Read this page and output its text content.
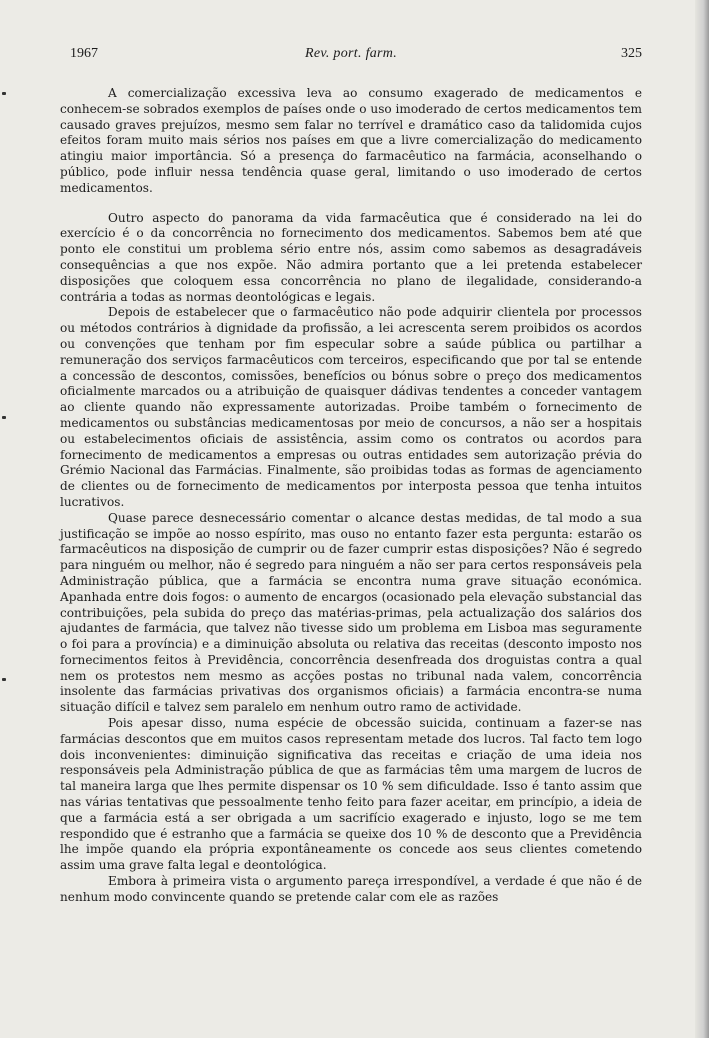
1967	Rev. port. farm.	325

A comercialização excessiva leva ao consumo exagerado de medicamentos e conhecem-se sobrados exemplos de países onde o uso imoderado de certos medicamentos tem causado graves prejuízos, mesmo sem falar no terrível e dramático caso da talidomida cujos efeitos foram muito mais sérios nos países em que a livre comercialização do medicamento atingiu maior importância. Só a presença do farmacêutico na farmácia, aconselhando o público, pode influir nessa tendência quase geral, limitando o uso imoderado de certos medicamentos.

Outro aspecto do panorama da vida farmacêutica que é considerado na lei do exercício é o da concorrência no fornecimento dos medicamentos. Sabemos bem até que ponto ele constitui um problema sério entre nós, assim como sabemos as desagradáveis consequências a que nos expõe. Não admira portanto que a lei pretenda estabelecer disposições que coloquem essa concorrência no plano de ilegalidade, considerando-a contrária a todas as normas deontológicas e legais.

Depois de estabelecer que o farmacêutico não pode adquirir clientela por processos ou métodos contrários à dignidade da profissão, a lei acrescenta serem proibidos os acordos ou convenções que tenham por fim especular sobre a saúde pública ou partilhar a remuneração dos serviços farmacêuticos com terceiros, especificando que por tal se entende a concessão de descontos, comissões, benefícios ou bónus sobre o preço dos medicamentos oficialmente marcados ou a atribuição de quaisquer dádivas tendentes a conceder vantagem ao cliente quando não expressamente autorizadas. Proibe também o fornecimento de medicamentos ou substâncias medicamentosas por meio de concursos, a não ser a hospitais ou estabelecimentos oficiais de assistência, assim como os contratos ou acordos para fornecimento de medicamentos a empresas ou outras entidades sem autorização prévia do Grémio Nacional das Farmácias. Finalmente, são proibidas todas as formas de agenciamento de clientes ou de fornecimento de medicamentos por interposta pessoa que tenha intuitos lucrativos.

Quase parece desnecessário comentar o alcance destas medidas, de tal modo a sua justificação se impõe ao nosso espírito, mas ouso no entanto fazer esta pergunta: estarão os farmacêuticos na disposição de cumprir ou de fazer cumprir estas disposições? Não é segredo para ninguém ou melhor, não é segredo para ninguém a não ser para certos responsáveis pela Administração pública, que a farmácia se encontra numa grave situação económica. Apanhada entre dois fogos: o aumento de encargos (ocasionado pela elevação substancial das contribuições, pela subida do preço das matérias-primas, pela actualização dos salários dos ajudantes de farmácia, que talvez não tivesse sido um problema em Lisboa mas seguramente o foi para a província) e a diminuição absoluta ou relativa das receitas (desconto imposto nos fornecimentos feitos à Previdência, concorrência desenfreada dos droguistas contra a qual nem os protestos nem mesmo as acções postas no tribunal nada valem, concorrência insolente das farmácias privativas dos organismos oficiais) a farmácia encontra-se numa situação difícil e talvez sem paralelo em nenhum outro ramo de actividade.

Pois apesar disso, numa espécie de obcessão suicida, continuam a fazer-se nas farmácias descontos que em muitos casos representam metade dos lucros. Tal facto tem logo dois inconvenientes: diminuição significativa das receitas e criação de uma ideia nos responsáveis pela Administração pública de que as farmácias têm uma margem de lucros de tal maneira larga que lhes permite dispensar os 10 % sem dificuldade. Isso é tanto assim que nas várias tentativas que pessoalmente tenho feito para fazer aceitar, em princípio, a ideia de que a farmácia está a ser obrigada a um sacrifício exagerado e injusto, logo se me tem respondido que é estranho que a farmácia se queixe dos 10 % de desconto que a Previdência lhe impõe quando ela própria expontâneamente os concede aos seus clientes cometendo assim uma grave falta legal e deontológica.

Embora à primeira vista o argumento pareça irrespondível, a verdade é que não é de nenhum modo convincente quando se pretende calar com ele as razões
